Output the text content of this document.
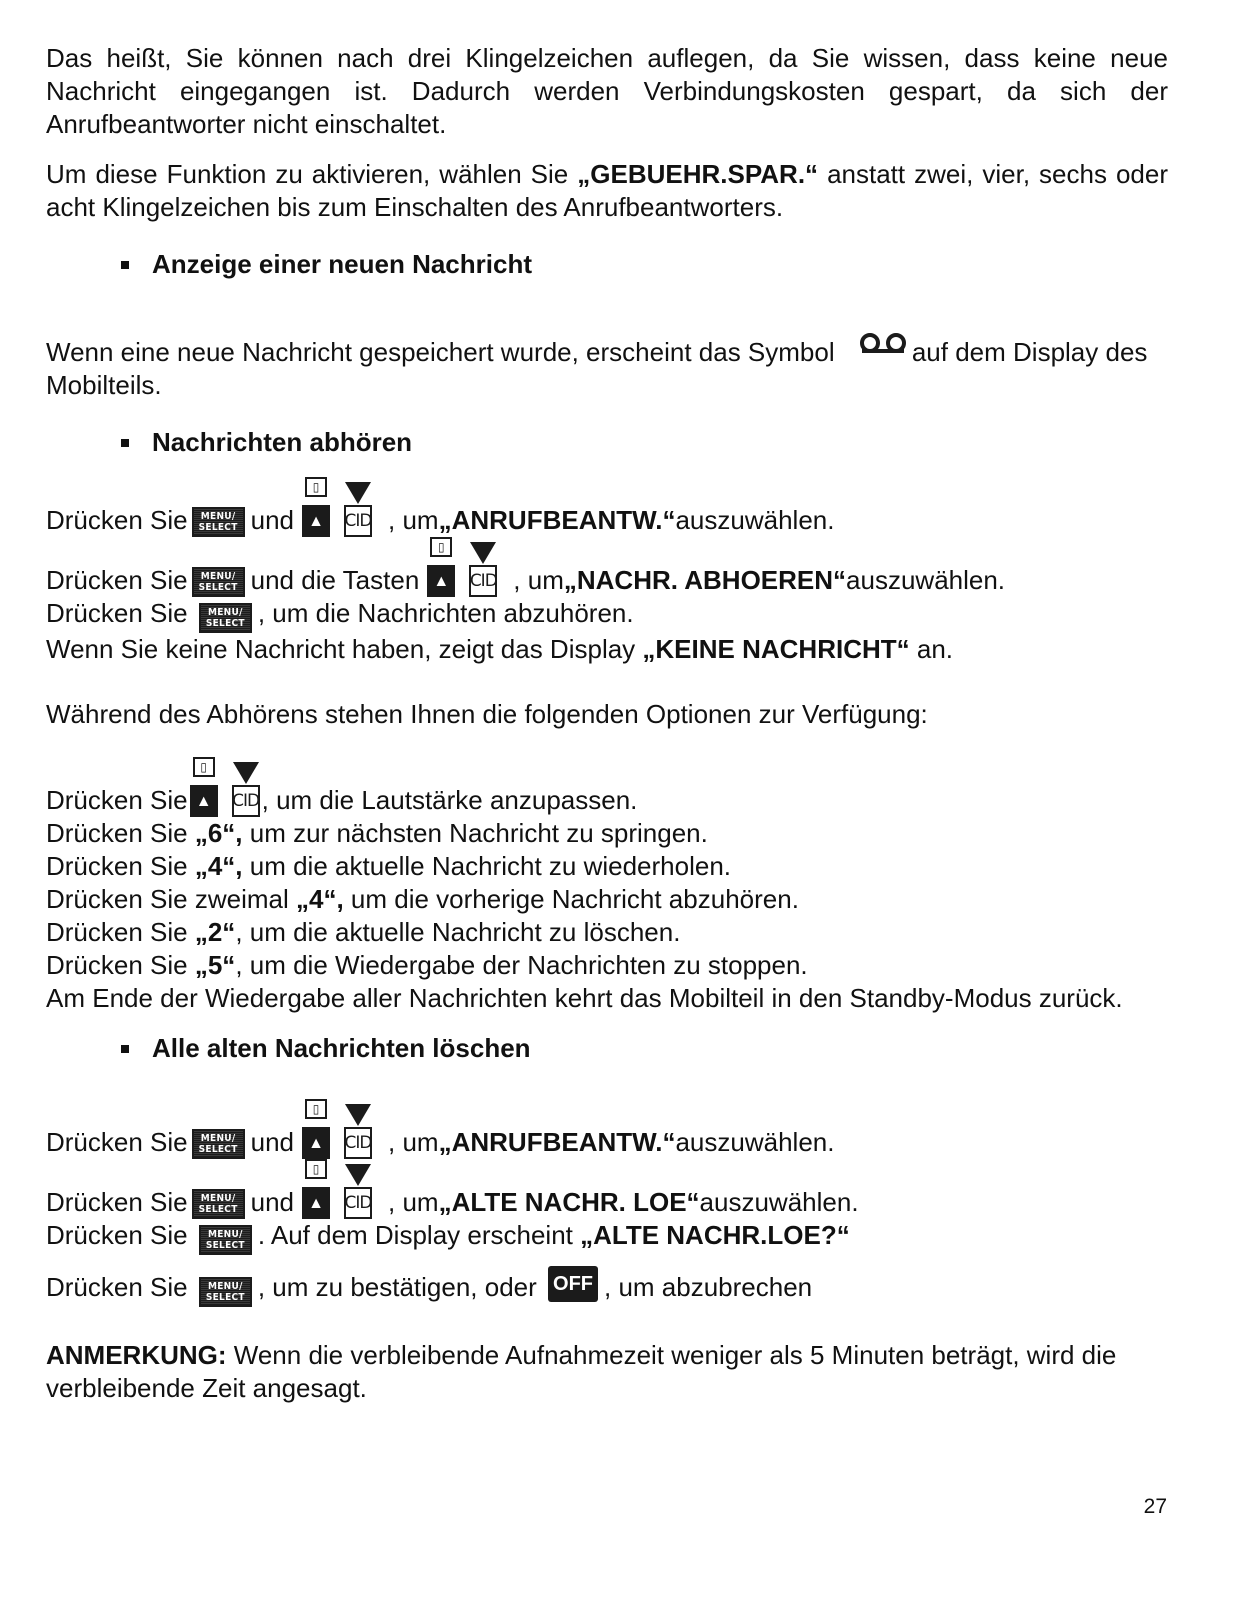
Das heißt, Sie können nach drei Klingelzeichen auflegen, da Sie wissen, dass keine neue Nachricht eingegangen ist. Dadurch werden Verbindungskosten gespart, da sich der Anrufbeantworter nicht einschaltet.

Um diese Funktion zu aktivieren, wählen Sie „GEBUEHR.SPAR.“ anstatt zwei, vier, sechs oder acht Klingelzeichen bis zum Einschalten des Anrufbeantworters.

Anzeige einer neuen Nachricht

Wenn eine neue Nachricht gespeichert wurde, erscheint das Symbol	auf dem Display des Mobilteils.

Nachrichten abhören
Drücken Sie	MENU/
SELECT und
▯
▲	CID , um „ANRUFBEANTW.“ auszuwählen.
Drücken Sie	MENU/
SELECT und die Tasten
▯
▲	CID , um „NACHR. ABHOEREN“ auszuwählen.

Drücken Sie	MENU/
SELECT , um die Nachrichten abzuhören.

Wenn Sie keine Nachricht haben, zeigt das Display „KEINE NACHRICHT“ an.

Während des Abhörens stehen Ihnen die folgenden Optionen zur Verfügung:

Drücken Sie
▯
▲	CID , um die Lautstärke anzupassen.

Drücken Sie „6“, um zur nächsten Nachricht zu springen.

Drücken Sie „4“, um die aktuelle Nachricht zu wiederholen.

Drücken Sie zweimal „4“, um die vorherige Nachricht abzuhören.

Drücken Sie „2“, um die aktuelle Nachricht zu löschen.

Drücken Sie „5“, um die Wiedergabe der Nachrichten zu stoppen.

Am Ende der Wiedergabe aller Nachrichten kehrt das Mobilteil in den Standby-Modus zurück.

Alle alten Nachrichten löschen
Drücken Sie	MENU/
SELECT und
▯
▲	CID , um „ANRUFBEANTW.“ auszuwählen.
Drücken Sie	MENU/
SELECT und
▯
▲	CID , um „ALTE NACHR. LOE“ auszuwählen.

Drücken Sie	MENU/
SELECT . Auf dem Display erscheint „ALTE NACHR.LOE?“

Drücken Sie	MENU/
SELECT , um zu bestätigen, oder OFF , um abzubrechen

ANMERKUNG: Wenn die verbleibende Aufnahmezeit weniger als 5 Minuten beträgt, wird die verbleibende Zeit angesagt.

27
